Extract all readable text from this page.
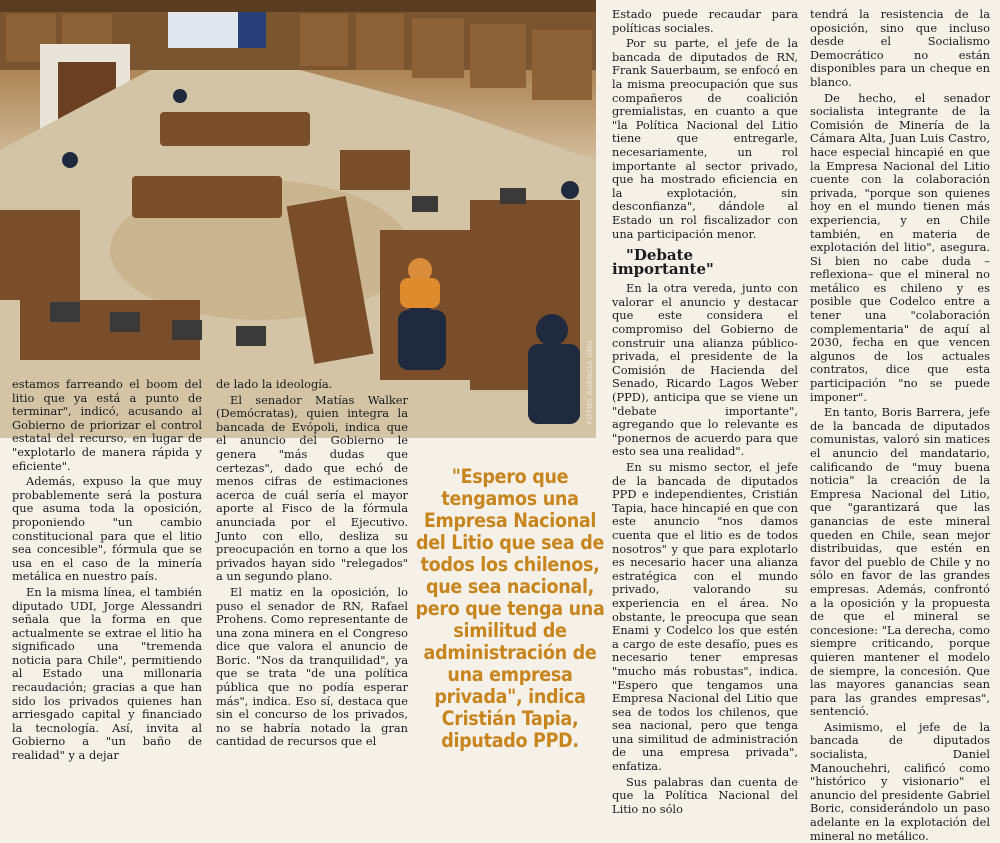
FOTOS AGENCIA UNO

estamos farreando el boom del litio que ya está a punto de terminar", indicó, acusando al Gobierno de priorizar el control estatal del recurso, en lugar de "explotarlo de manera rápida y eficiente".

Además, expuso la que muy probablemente será la postura que asuma toda la oposición, proponiendo "un cambio constitucional para que el litio sea concesible", fórmula que se usa en el caso de la minería metálica en nuestro país.

En la misma línea, el también diputado UDI, Jorge Alessandri señala que la forma en que actualmente se extrae el litio ha significado una "tremenda noticia para Chile", permitiendo al Estado una millonaria recaudación; gracias a que han sido los privados quienes han arriesgado capital y financiado la tecnología. Así, invita al Gobierno a "un baño de realidad" y a dejar

de lado la ideología.

El senador Matías Walker (Demócratas), quien integra la bancada de Evópoli, indica que el anuncio del Gobierno le genera "más dudas que certezas", dado que echó de menos cifras de estimaciones acerca de cuál sería el mayor aporte al Fisco de la fórmula anunciada por el Ejecutivo. Junto con ello, desliza su preocupación en torno a que los privados hayan sido "relegados" a un segundo plano.

El matiz en la oposición, lo puso el senador de RN, Rafael Prohens. Como representante de una zona minera en el Congreso dice que valora el anuncio de Boric. "Nos da tranquilidad", ya que se trata "de una política pública que no podía esperar más", indica. Eso sí, destaca que sin el concurso de los privados, no se habría notado la gran cantidad de recursos que el

"Espero que tengamos una Empresa Nacional del Litio que sea de todos los chilenos, que sea nacional, pero que tenga una similitud de administración de una empresa privada", indica Cristián Tapia, diputado PPD.

Estado puede recaudar para políticas sociales.

Por su parte, el jefe de la bancada de diputados de RN, Frank Sauerbaum, se enfocó en la misma preocupación que sus compañeros de coalición gremialistas, en cuanto a que "la Política Nacional del Litio tiene que entregarle, necesariamente, un rol importante al sector privado, que ha mostrado eficiencia en la explotación, sin desconfianza", dándole al Estado un rol fiscalizador con una participación menor.

"Debate importante"

En la otra vereda, junto con valorar el anuncio y destacar que este considera el compromiso del Gobierno de construir una alianza público-privada, el presidente de la Comisión de Hacienda del Senado, Ricardo Lagos Weber (PPD), anticipa que se viene un "debate importante", agregando que lo relevante es "ponernos de acuerdo para que esto sea una realidad".

En su mismo sector, el jefe de la bancada de diputados PPD e independientes, Cristián Tapia, hace hincapié en que con este anuncio "nos damos cuenta que el litio es de todos nosotros" y que para explotarlo es necesario hacer una alianza estratégica con el mundo privado, valorando su experiencia en el área. No obstante, le preocupa que sean Enami y Codelco los que estén a cargo de este desafío, pues es necesario tener empresas "mucho más robustas", indica. "Espero que tengamos una Empresa Nacional del Litio que sea de todos los chilenos, que sea nacional, pero que tenga una similitud de administración de una empresa privada", enfatiza.

Sus palabras dan cuenta de que la Política Nacional del Litio no sólo

tendrá la resistencia de la oposición, sino que incluso desde el Socialismo Democrático no están disponibles para un cheque en blanco.

De hecho, el senador socialista integrante de la Comisión de Minería de la Cámara Alta, Juan Luis Castro, hace especial hincapié en que la Empresa Nacional del Litio cuente con la colaboración privada, "porque son quienes hoy en el mundo tienen más experiencia, y en Chile también, en materia de explotación del litio", asegura. Si bien no cabe duda –reflexiona– que el mineral no metálico es chileno y es posible que Codelco entre a tener una "colaboración complementaria" de aquí al 2030, fecha en que vencen algunos de los actuales contratos, dice que esta participación "no se puede imponer".

En tanto, Boris Barrera, jefe de la bancada de diputados comunistas, valoró sin matices el anuncio del mandatario, calificando de "muy buena noticia" la creación de la Empresa Nacional del Litio, que "garantizará que las ganancias de este mineral queden en Chile, sean mejor distribuidas, que estén en favor del pueblo de Chile y no sólo en favor de las grandes empresas. Además, confrontó a la oposición y la propuesta de que el mineral se concesione: "La derecha, como siempre criticando, porque quieren mantener el modelo de siempre, la concesión. Que las mayores ganancias sean para las grandes empresas", sentenció.

Asimismo, el jefe de la bancada de diputados socialista, Daniel Manouchehri, calificó como "histórico y visionario" el anuncio del presidente Gabriel Boric, considerándolo un paso adelante en la explotación del mineral no metálico.
